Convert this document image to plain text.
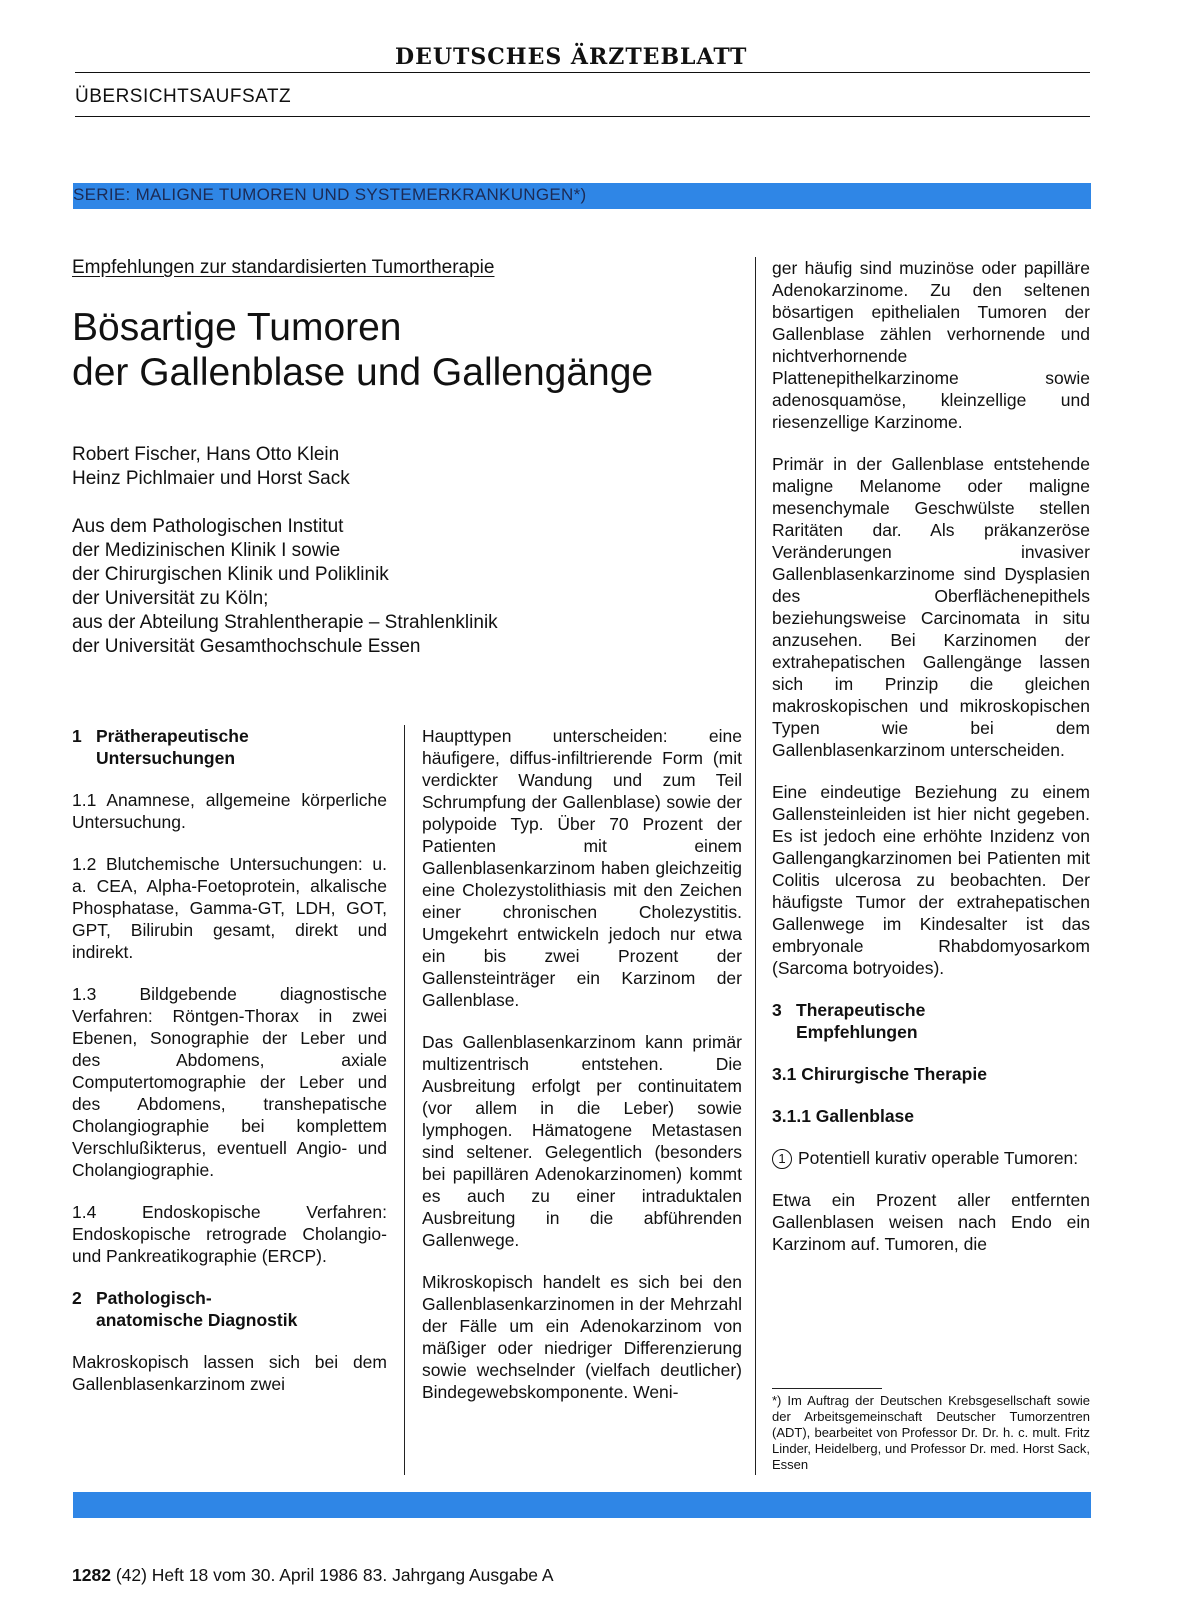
DEUTSCHES ÄRZTEBLATT
ÜBERSICHTSAUFSATZ
SERIE: MALIGNE TUMOREN UND SYSTEMERKRANKUNGEN*)
Empfehlungen zur standardisierten Tumortherapie
Bösartige Tumoren
der Gallenblase und Gallengänge
Robert Fischer, Hans Otto Klein
Heinz Pichlmaier und Horst Sack
Aus dem Pathologischen Institut
der Medizinischen Klinik I sowie
der Chirurgischen Klinik und Poliklinik
der Universität zu Köln;
aus der Abteilung Strahlentherapie – Strahlenklinik
der Universität Gesamthochschule Essen
1 Prätherapeutische
Untersuchungen

1.1 Anamnese, allgemeine körperliche Untersuchung.

1.2 Blutchemische Untersuchungen: u. a. CEA, Alpha-Foetoprotein, alkalische Phosphatase, Gamma-GT, LDH, GOT, GPT, Bilirubin gesamt, direkt und indirekt.

1.3 Bildgebende diagnostische Verfahren: Röntgen-Thorax in zwei Ebenen, Sonographie der Leber und des Abdomens, axiale Computertomographie der Leber und des Abdomens, transhepatische Cholangiographie bei komplettem Verschlußikterus, eventuell Angio- und Cholangiographie.

1.4 Endoskopische Verfahren: Endoskopische retrograde Cholangio- und Pankreatikographie (ERCP).

2 Pathologisch-
anatomische Diagnostik

Makroskopisch lassen sich bei dem Gallenblasenkarzinom zwei

Haupttypen unterscheiden: eine häufigere, diffus-infiltrierende Form (mit verdickter Wandung und zum Teil Schrumpfung der Gallenblase) sowie der polypoide Typ. Über 70 Prozent der Patienten mit einem Gallenblasenkarzinom haben gleichzeitig eine Cholezystolithiasis mit den Zeichen einer chronischen Cholezystitis. Umgekehrt entwickeln jedoch nur etwa ein bis zwei Prozent der Gallensteinträger ein Karzinom der Gallenblase.

Das Gallenblasenkarzinom kann primär multizentrisch entstehen. Die Ausbreitung erfolgt per continuitatem (vor allem in die Leber) sowie lymphogen. Hämatogene Metastasen sind seltener. Gelegentlich (besonders bei papillären Adenokarzinomen) kommt es auch zu einer intraduktalen Ausbreitung in die abführenden Gallenwege.

Mikroskopisch handelt es sich bei den Gallenblasenkarzinomen in der Mehrzahl der Fälle um ein Adenokarzinom von mäßiger oder niedriger Differenzierung sowie wechselnder (vielfach deutlicher) Bindegewebskomponente. Weni-

ger häufig sind muzinöse oder papilläre Adenokarzinome. Zu den seltenen bösartigen epithelialen Tumoren der Gallenblase zählen verhornende und nichtverhornende Plattenepithelkarzinome sowie adenosquamöse, kleinzellige und riesenzellige Karzinome.

Primär in der Gallenblase entstehende maligne Melanome oder maligne mesenchymale Geschwülste stellen Raritäten dar. Als präkanzeröse Veränderungen invasiver Gallenblasenkarzinome sind Dysplasien des Oberflächenepithels beziehungsweise Carcinomata in situ anzusehen. Bei Karzinomen der extrahepatischen Gallengänge lassen sich im Prinzip die gleichen makroskopischen und mikroskopischen Typen wie bei dem Gallenblasenkarzinom unterscheiden.

Eine eindeutige Beziehung zu einem Gallensteinleiden ist hier nicht gegeben. Es ist jedoch eine erhöhte Inzidenz von Gallengangkarzinomen bei Patienten mit Colitis ulcerosa zu beobachten. Der häufigste Tumor der extrahepatischen Gallenwege im Kindesalter ist das embryonale Rhabdomyosarkom (Sarcoma botryoides).

3 Therapeutische
Empfehlungen
3.1 Chirurgische Therapie
3.1.1 Gallenblase

1 Potentiell kurativ operable Tumoren:

Etwa ein Prozent aller entfernten Gallenblasen weisen nach Endo ein Karzinom auf. Tumoren, die

*) Im Auftrag der Deutschen Krebsgesellschaft sowie der Arbeitsgemeinschaft Deutscher Tumorzentren (ADT), bearbeitet von Professor Dr. Dr. h. c. mult. Fritz Linder, Heidelberg, und Professor Dr. med. Horst Sack, Essen
1282 (42) Heft 18 vom 30. April 1986 83. Jahrgang Ausgabe A
